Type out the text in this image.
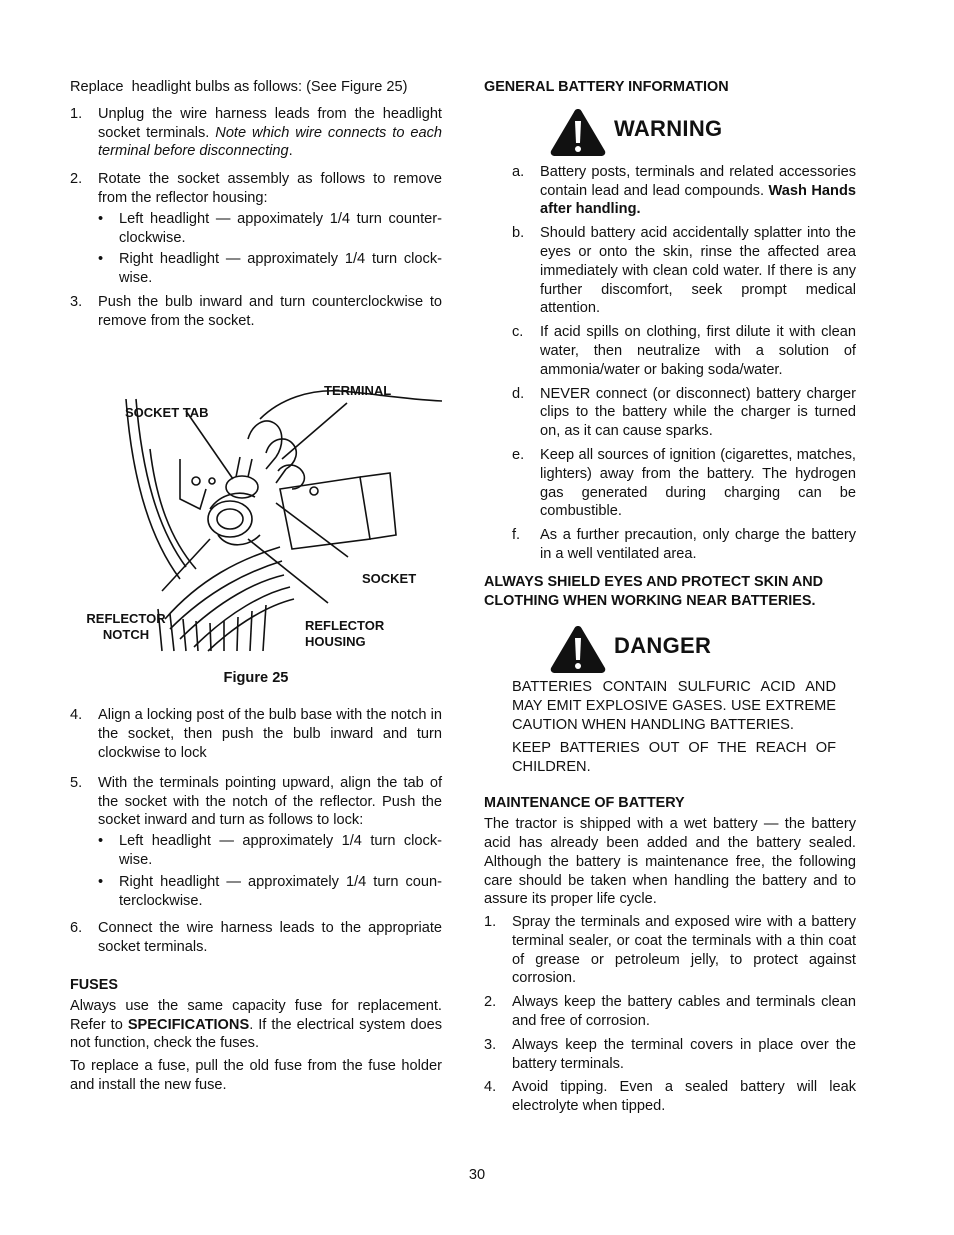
Replace  headlight bulbs as follows: (See Figure 25)

1. Unplug the wire harness leads from the headlight socket terminals. Note which wire connects to each terminal before disconnecting.
2. Rotate the socket assembly as follows to remove from the reflector housing:
• Left headlight — appoximately 1/4 turn counter-clockwise.
• Right headlight — approximately 1/4 turn clock-wise.
3. Push the bulb inward and turn counterclockwise to remove from the socket.
TERMINAL
SOCKET TAB
SOCKET
REFLECTOR
NOTCH
REFLECTOR
HOUSING

Figure 25

4. Align a locking post of the bulb base with the notch in the socket, then push the bulb inward and turn clockwise to lock
5. With the terminals pointing upward, align the tab of the socket with the notch of the reflector. Push the socket inward and turn as follows to lock:
• Left headlight — approximately 1/4 turn clock-wise.
• Right headlight — approximately 1/4 turn coun-terclockwise.
6. Connect the wire harness leads to the appropriate socket terminals.

FUSES

Always use the same capacity fuse for replacement. Refer to SPECIFICATIONS. If the electrical system does not function, check the fuses.

To replace a fuse, pull the old fuse from the fuse holder and install the new fuse.

GENERAL BATTERY INFORMATION

WARNING
a. Battery posts, terminals and related accessories contain lead and lead compounds. Wash Hands after handling.
b. Should battery acid accidentally splatter into the eyes or onto the skin, rinse the affected area immediately with clean cold water. If there is any further discomfort, seek prompt medical attention.
c. If acid spills on clothing, first dilute it with clean water, then neutralize with a solution of ammonia/water or baking soda/water.
d. NEVER connect (or disconnect) battery charger clips to the battery while the charger is turned on, as it can cause sparks.
e. Keep all sources of ignition (cigarettes, matches, lighters) away from the battery. The hydrogen gas generated during charging can be combustible.
f. As a further precaution, only charge the battery in a well ventilated area.

ALWAYS SHIELD EYES AND PROTECT SKIN AND CLOTHING WHEN WORKING NEAR BATTERIES.

DANGER

BATTERIES CONTAIN SULFURIC ACID AND MAY EMIT EXPLOSIVE GASES. USE EXTREME CAUTION WHEN HANDLING BATTERIES.

KEEP BATTERIES OUT OF THE REACH OF CHILDREN.

MAINTENANCE OF BATTERY

The tractor is shipped with a wet battery — the battery acid has already been added and the battery sealed. Although the battery is maintenance free, the following care should be taken when handling the battery and to assure its proper life cycle.

1. Spray the terminals and exposed wire with a battery terminal sealer, or coat the terminals with a thin coat of grease or petroleum jelly, to protect against corrosion.
2. Always keep the battery cables and terminals clean and free of corrosion.
3. Always keep the terminal covers in place over the battery terminals.
4. Avoid tipping. Even a sealed battery will leak electrolyte when tipped.
30
